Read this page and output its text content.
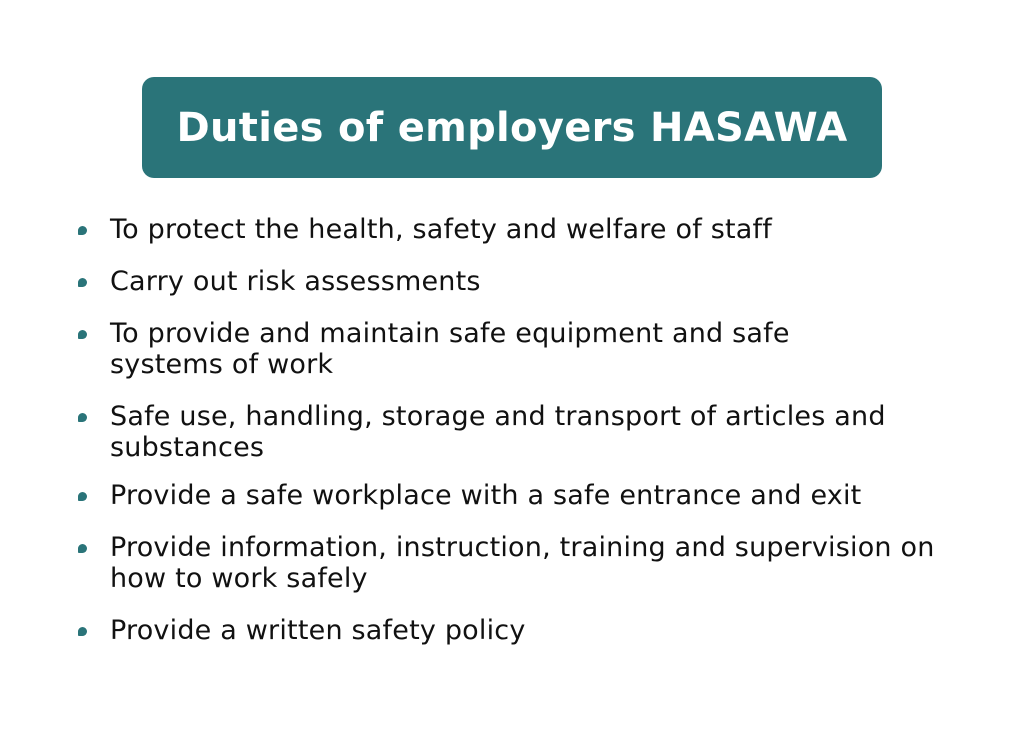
Duties of employers HASAWA
To protect the health, safety and welfare of staff
Carry out risk assessments
To provide and maintain safe equipment and safe systems of work
Safe use, handling, storage and transport of articles and substances
Provide a safe workplace with a safe entrance and exit
Provide information, instruction, training and supervision on how to work safely
Provide a written safety policy
